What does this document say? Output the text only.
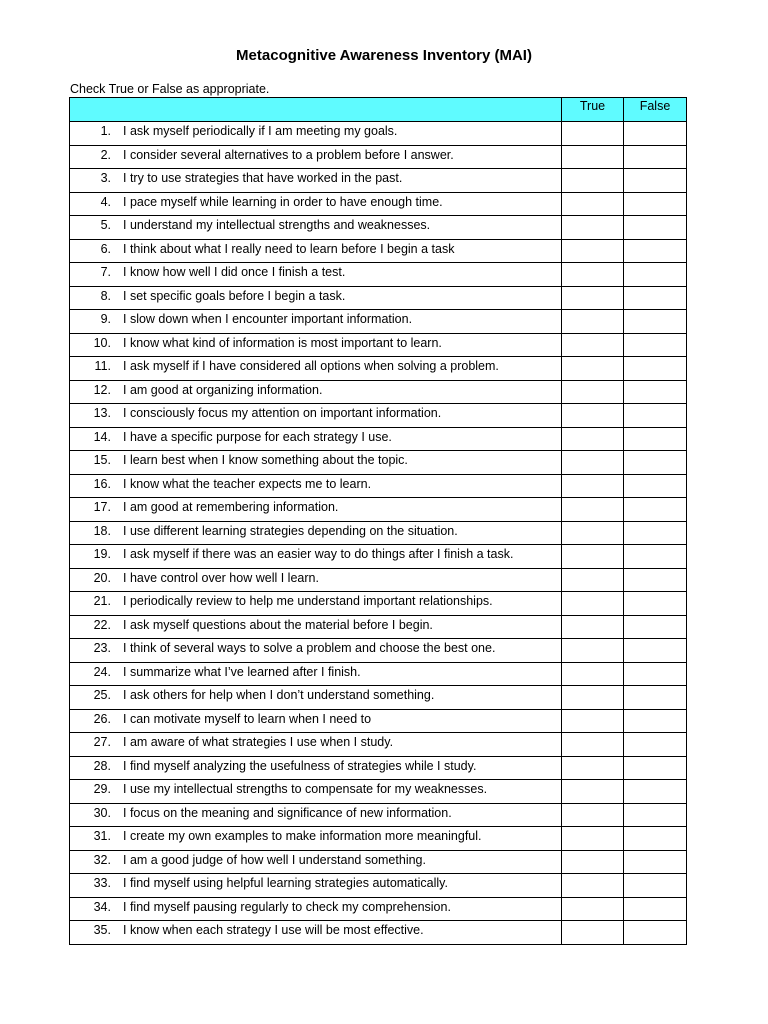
Metacognitive Awareness Inventory (MAI)
Check True or False as appropriate.
	True	False
1. I ask myself periodically if I am meeting my goals.		
2. I consider several alternatives to a problem before I answer.		
3. I try to use strategies that have worked in the past.		
4. I pace myself while learning in order to have enough time.		
5. I understand my intellectual strengths and weaknesses.		
6. I think about what I really need to learn before I begin a task		
7. I know how well I did once I finish a test.		
8. I set specific goals before I begin a task.		
9. I slow down when I encounter important information.		
10. I know what kind of information is most important to learn.		
11. I ask myself if I have considered all options when solving a problem.		
12. I am good at organizing information.		
13. I consciously focus my attention on important information.		
14. I have a specific purpose for each strategy I use.		
15. I learn best when I know something about the topic.		
16. I know what the teacher expects me to learn.		
17. I am good at remembering information.		
18. I use different learning strategies depending on the situation.		
19. I ask myself if there was an easier way to do things after I finish a task.		
20. I have control over how well I learn.		
21. I periodically review to help me understand important relationships.		
22. I ask myself questions about the material before I begin.		
23. I think of several ways to solve a problem and choose the best one.		
24. I summarize what I’ve learned after I finish.		
25. I ask others for help when I don’t understand something.		
26. I can motivate myself to learn when I need to		
27. I am aware of what strategies I use when I study.		
28. I find myself analyzing the usefulness of strategies while I study.		
29. I use my intellectual strengths to compensate for my weaknesses.		
30. I focus on the meaning and significance of new information.		
31. I create my own examples to make information more meaningful.		
32. I am a good judge of how well I understand something.		
33. I find myself using helpful learning strategies automatically.		
34. I find myself pausing regularly to check my comprehension.		
35. I know when each strategy I use will be most effective.		
